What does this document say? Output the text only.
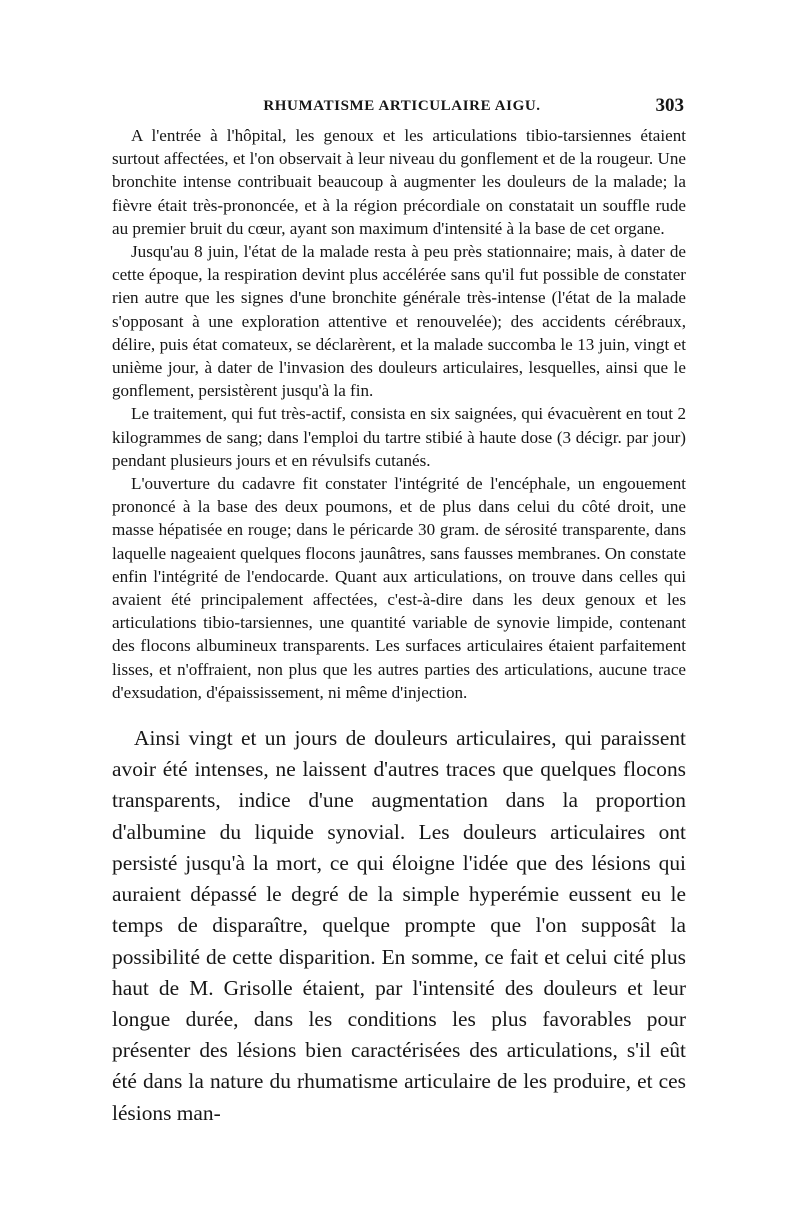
RHUMATISME ARTICULAIRE AIGU.	303

A l'entrée à l'hôpital, les genoux et les articulations tibio-tarsiennes étaient surtout affectées, et l'on observait à leur niveau du gonflement et de la rougeur. Une bronchite intense contribuait beaucoup à augmenter les douleurs de la malade; la fièvre était très-prononcée, et à la région précordiale on constatait un souffle rude au premier bruit du cœur, ayant son maximum d'intensité à la base de cet organe.

Jusqu'au 8 juin, l'état de la malade resta à peu près stationnaire; mais, à dater de cette époque, la respiration devint plus accélérée sans qu'il fut possible de constater rien autre que les signes d'une bronchite générale très-intense (l'état de la malade s'opposant à une exploration attentive et renouvelée); des accidents cérébraux, délire, puis état comateux, se déclarèrent, et la malade succomba le 13 juin, vingt et unième jour, à dater de l'invasion des douleurs articulaires, lesquelles, ainsi que le gonflement, persistèrent jusqu'à la fin.

Le traitement, qui fut très-actif, consista en six saignées, qui évacuèrent en tout 2 kilogrammes de sang; dans l'emploi du tartre stibié à haute dose (3 décigr. par jour) pendant plusieurs jours et en révulsifs cutanés.

L'ouverture du cadavre fit constater l'intégrité de l'encéphale, un engouement prononcé à la base des deux poumons, et de plus dans celui du côté droit, une masse hépatisée en rouge; dans le péricarde 30 gram. de sérosité transparente, dans laquelle nageaient quelques flocons jaunâtres, sans fausses membranes. On constate enfin l'intégrité de l'endocarde. Quant aux articulations, on trouve dans celles qui avaient été principalement affectées, c'est-à-dire dans les deux genoux et les articulations tibio-tarsiennes, une quantité variable de synovie limpide, contenant des flocons albumineux transparents. Les surfaces articulaires étaient parfaitement lisses, et n'offraient, non plus que les autres parties des articulations, aucune trace d'exsudation, d'épaississement, ni même d'injection.

Ainsi vingt et un jours de douleurs articulaires, qui paraissent avoir été intenses, ne laissent d'autres traces que quelques flocons transparents, indice d'une augmentation dans la proportion d'albumine du liquide synovial. Les douleurs articulaires ont persisté jusqu'à la mort, ce qui éloigne l'idée que des lésions qui auraient dépassé le degré de la simple hyperémie eussent eu le temps de disparaître, quelque prompte que l'on supposât la possibilité de cette disparition. En somme, ce fait et celui cité plus haut de M. Grisolle étaient, par l'intensité des douleurs et leur longue durée, dans les conditions les plus favorables pour présenter des lésions bien caractérisées des articulations, s'il eût été dans la nature du rhumatisme articulaire de les produire, et ces lésions man-
